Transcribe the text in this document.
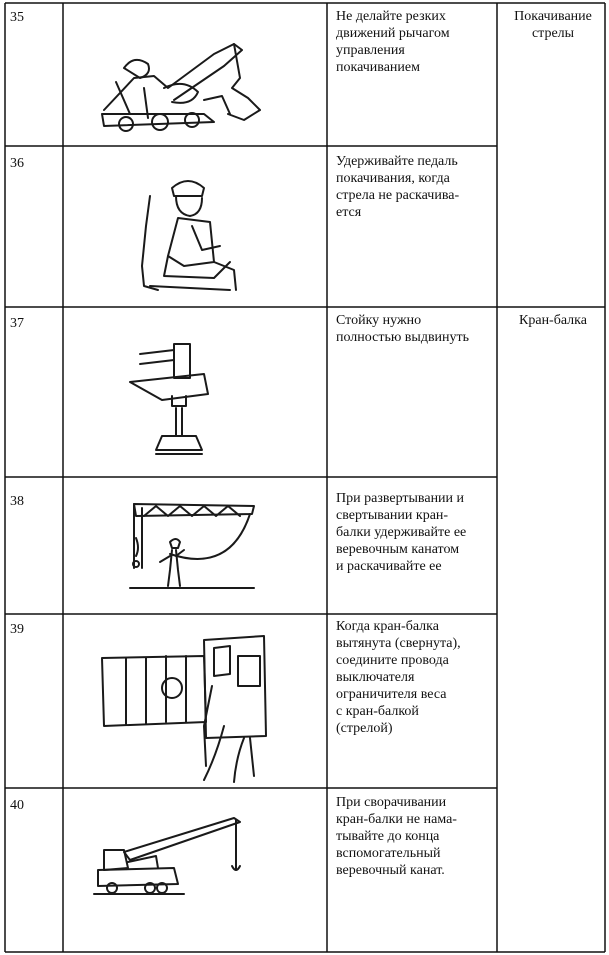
35	Не делайте резких
движений рычагом
управления
покачиванием
36	Удерживайте педаль
покачивания, когда
стрела не раскачива-
ется
Покачивание
стрелы
37	Стойку нужно
полностью выдвинуть
Кран-балка
38	При развертывании и
свертывании кран-
балки удерживайте ее
веревочным канатом
и раскачивайте ее
39	Когда кран-балка
вытянута (свернута),
соедините провода
выключателя
ограничителя веса
с кран-балкой
(стрелой)
40	При сворачивании
кран-балки не нама-
тывайте до конца
вспомогательный
веревочный канат.
